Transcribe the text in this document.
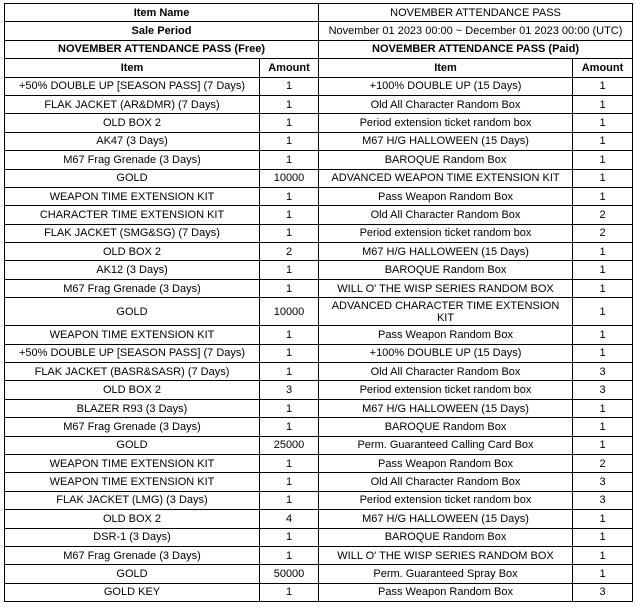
Item Name		NOVEMBER ATTENDANCE PASS	
Sale Period		November 01 2023 00:00 ~ December 01 2023 00:00 (UTC)	
NOVEMBER ATTENDANCE PASS (Free)		NOVEMBER ATTENDANCE PASS (Paid)	
Item	Amount	Item	Amount
+50% DOUBLE UP [SEASON PASS] (7 Days)	1	+100% DOUBLE UP (15 Days)	1
FLAK JACKET (AR&DMR) (7 Days)	1	Old All Character Random Box	1
OLD BOX 2	1	Period extension ticket random box	1
AK47 (3 Days)	1	M67 H/G HALLOWEEN (15 Days)	1
M67 Frag Grenade (3 Days)	1	BAROQUE Random Box	1
GOLD	10000	ADVANCED WEAPON TIME EXTENSION KIT	1
WEAPON TIME EXTENSION KIT	1	Pass Weapon Random Box	1
CHARACTER TIME EXTENSION KIT	1	Old All Character Random Box	2
FLAK JACKET (SMG&SG) (7 Days)	1	Period extension ticket random box	2
OLD BOX 2	2	M67 H/G HALLOWEEN (15 Days)	1
AK12 (3 Days)	1	BAROQUE Random Box	1
M67 Frag Grenade (3 Days)	1	WILL O' THE WISP SERIES RANDOM BOX	1
GOLD	10000	ADVANCED CHARACTER TIME EXTENSION KIT	1
WEAPON TIME EXTENSION KIT	1	Pass Weapon Random Box	1
+50% DOUBLE UP [SEASON PASS] (7 Days)	1	+100% DOUBLE UP (15 Days)	1
FLAK JACKET (BASR&SASR) (7 Days)	1	Old All Character Random Box	3
OLD BOX 2	3	Period extension ticket random box	3
BLAZER R93 (3 Days)	1	M67 H/G HALLOWEEN (15 Days)	1
M67 Frag Grenade (3 Days)	1	BAROQUE Random Box	1
GOLD	25000	Perm. Guaranteed Calling Card Box	1
WEAPON TIME EXTENSION KIT	1	Pass Weapon Random Box	2
WEAPON TIME EXTENSION KIT	1	Old All Character Random Box	3
FLAK JACKET (LMG) (3 Days)	1	Period extension ticket random box	3
OLD BOX 2	4	M67 H/G HALLOWEEN (15 Days)	1
DSR-1 (3 Days)	1	BAROQUE Random Box	1
M67 Frag Grenade (3 Days)	1	WILL O' THE WISP SERIES RANDOM BOX	1
GOLD	50000	Perm. Guaranteed Spray Box	1
GOLD KEY	1	Pass Weapon Random Box	3
